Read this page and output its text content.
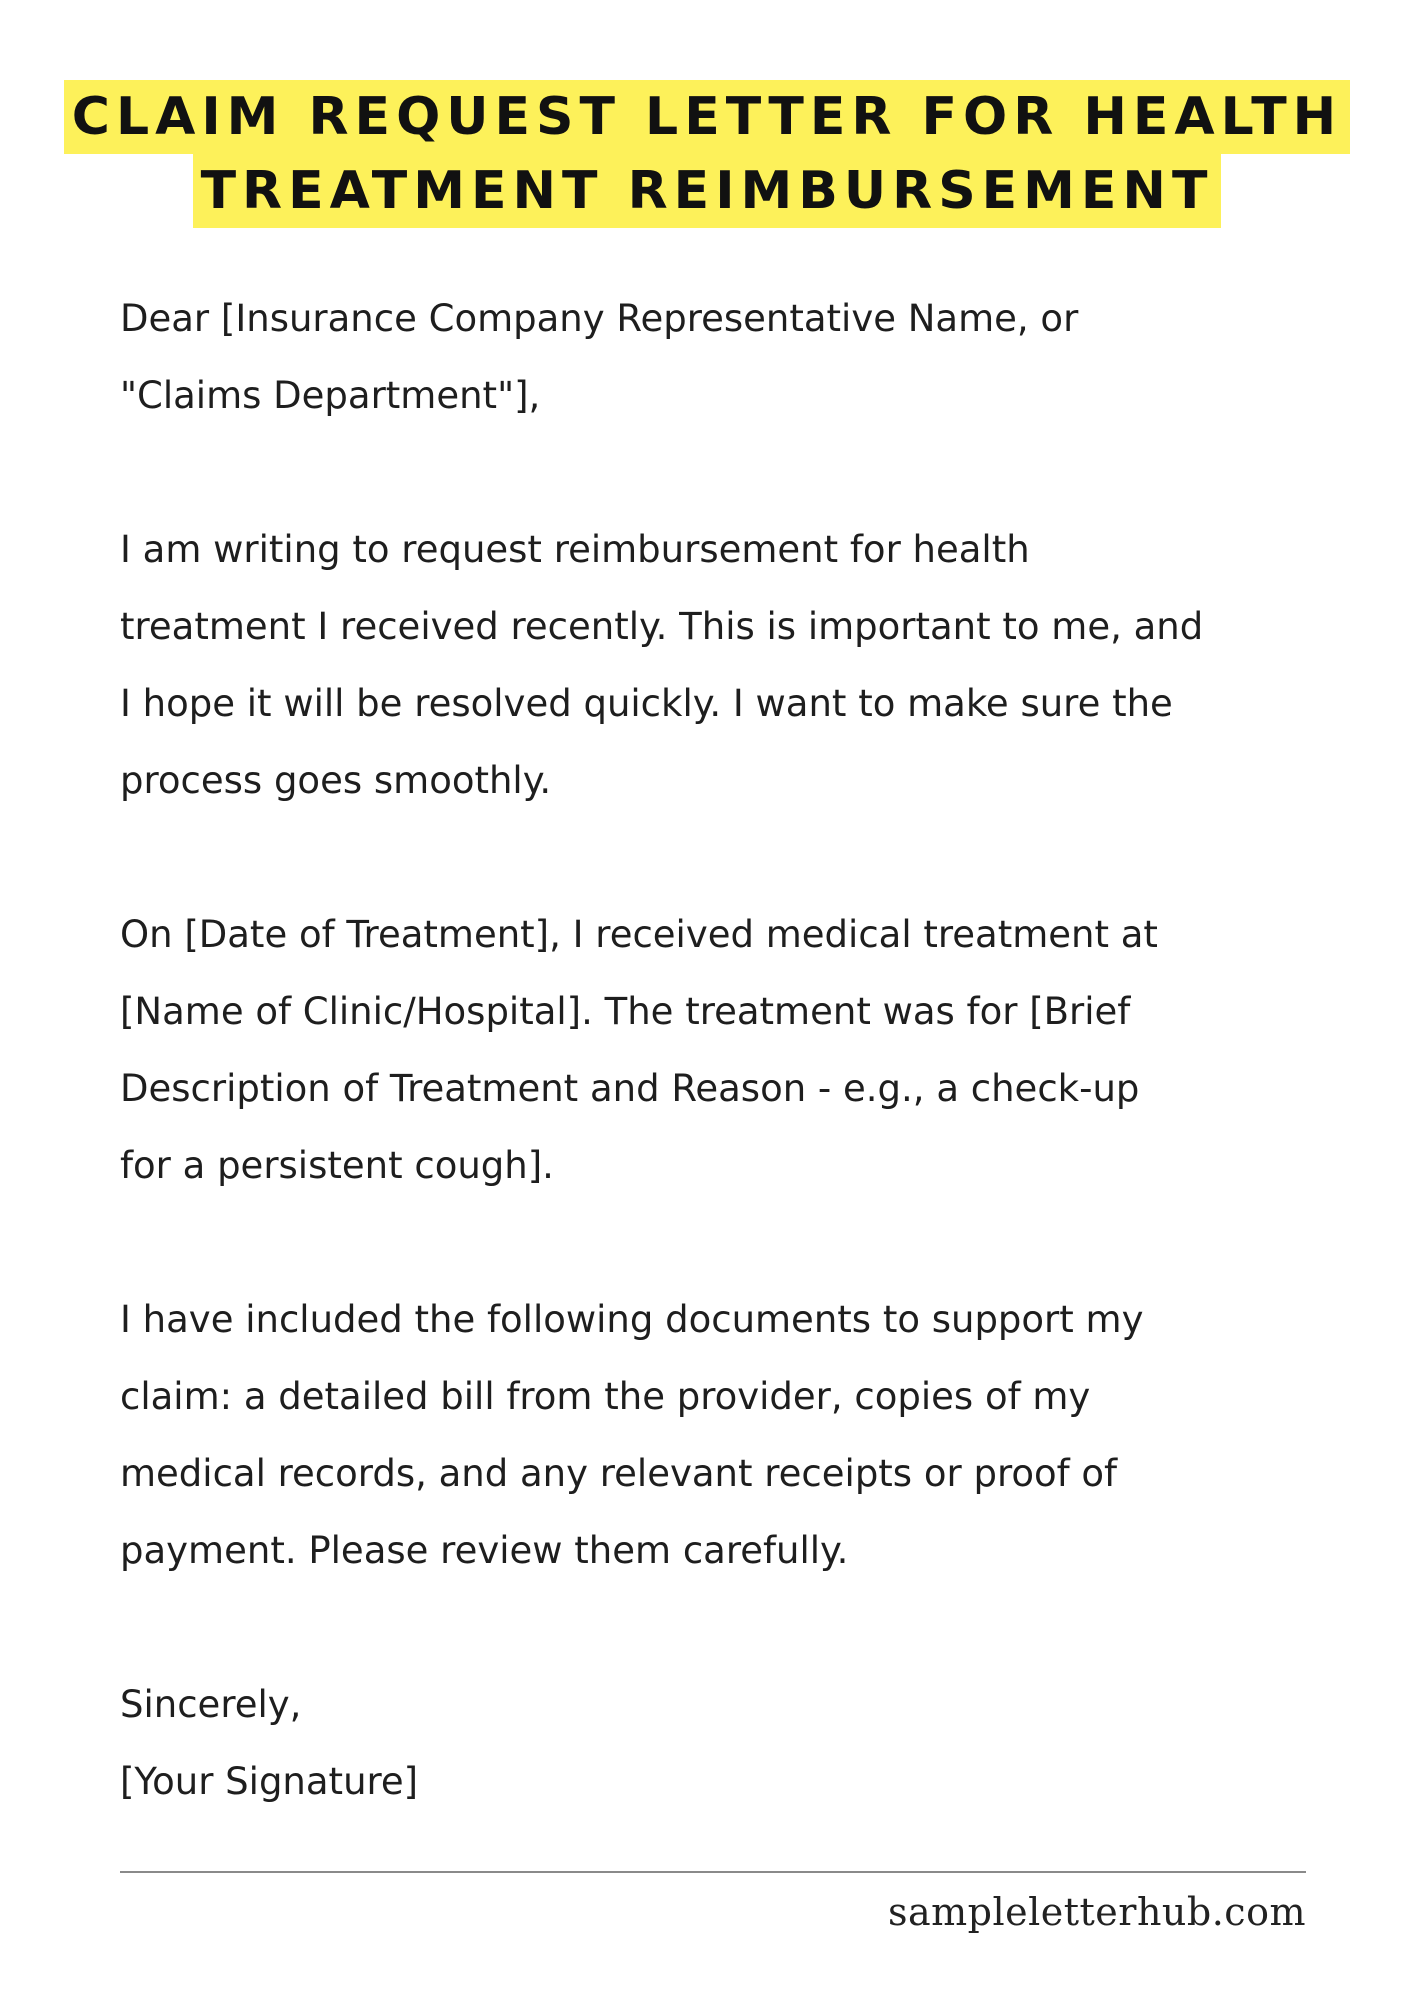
CLAIM REQUEST LETTER FOR HEALTH
TREATMENT REIMBURSEMENT
Dear [Insurance Company Representative Name, or
"Claims Department"],
I am writing to request reimbursement for health
treatment I received recently. This is important to me, and
I hope it will be resolved quickly. I want to make sure the
process goes smoothly.
On [Date of Treatment], I received medical treatment at
[Name of Clinic/Hospital]. The treatment was for [Brief
Description of Treatment and Reason - e.g., a check-up
for a persistent cough].
I have included the following documents to support my
claim: a detailed bill from the provider, copies of my
medical records, and any relevant receipts or proof of
payment. Please review them carefully.
Sincerely,
[Your Signature]
sampleletterhub.com
